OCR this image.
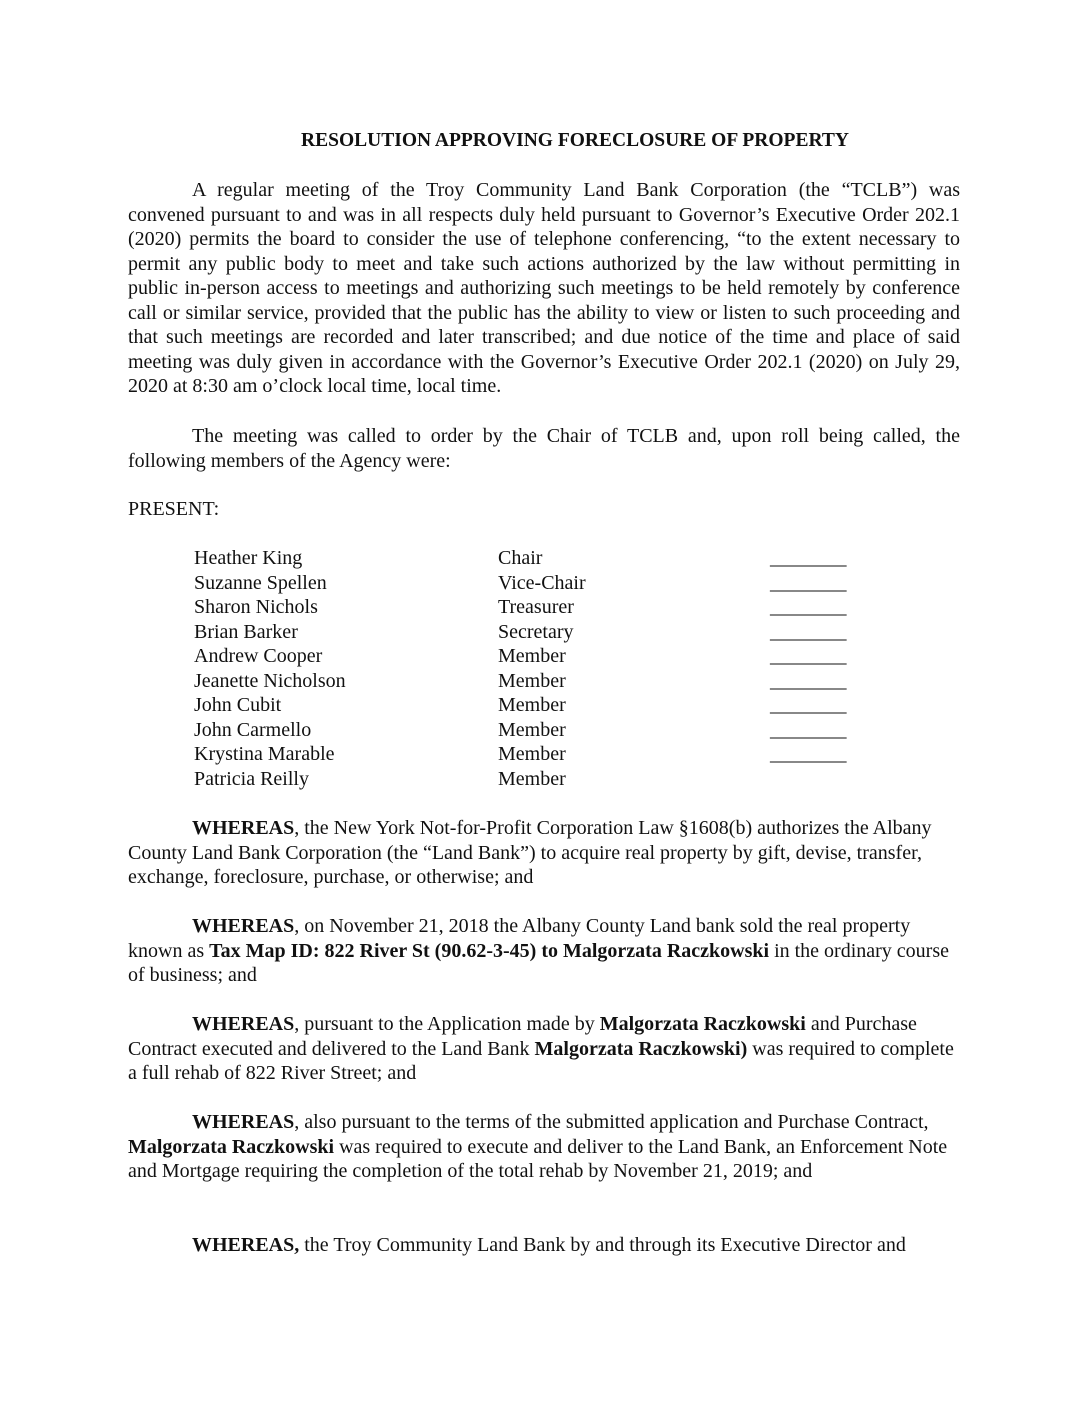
RESOLUTION APPROVING FORECLOSURE OF PROPERTY

A regular meeting of the Troy Community Land Bank Corporation (the “TCLB”) was convened pursuant to and was in all respects duly held pursuant to Governor’s Executive Order 202.1 (2020) permits the board to consider the use of telephone conferencing, “to the extent necessary to permit any public body to meet and take such actions authorized by the law without permitting in public in-person access to meetings and authorizing such meetings to be held remotely by conference call or similar service, provided that the public has the ability to view or listen to such proceeding and that such meetings are recorded and later transcribed; and due notice of the time and place of said meeting was duly given in accordance with the Governor’s Executive Order 202.1 (2020) on July 29, 2020 at 8:30 am o’clock local time, local time.

The meeting was called to order by the Chair of TCLB and, upon roll being called, the following members of the Agency were:

PRESENT:

Heather King	Chair	________
Suzanne Spellen	Vice-Chair	________
Sharon Nichols	Treasurer	________
Brian Barker	Secretary	________
Andrew Cooper	Member	________
Jeanette Nicholson	Member	________
John Cubit	Member	________
John Carmello	Member	________
Krystina Marable	Member	________
Patricia Reilly	Member

WHEREAS, the New York Not-for-Profit Corporation Law §1608(b) authorizes the Albany County Land Bank Corporation (the “Land Bank”) to acquire real property by gift, devise, transfer, exchange, foreclosure, purchase, or otherwise; and

WHEREAS, on November 21, 2018 the Albany County Land bank sold the real property known as Tax Map ID: 822 River St (90.62-3-45) to Malgorzata Raczkowski in the ordinary course of business; and

WHEREAS, pursuant to the Application made by Malgorzata Raczkowski and Purchase Contract executed and delivered to the Land Bank Malgorzata Raczkowski) was required to complete a full rehab of 822 River Street; and

WHEREAS, also pursuant to the terms of the submitted application and Purchase Contract, Malgorzata Raczkowski was required to execute and deliver to the Land Bank, an Enforcement Note and Mortgage requiring the completion of the total rehab by November 21, 2019; and

WHEREAS, the Troy Community Land Bank by and through its Executive Director and
